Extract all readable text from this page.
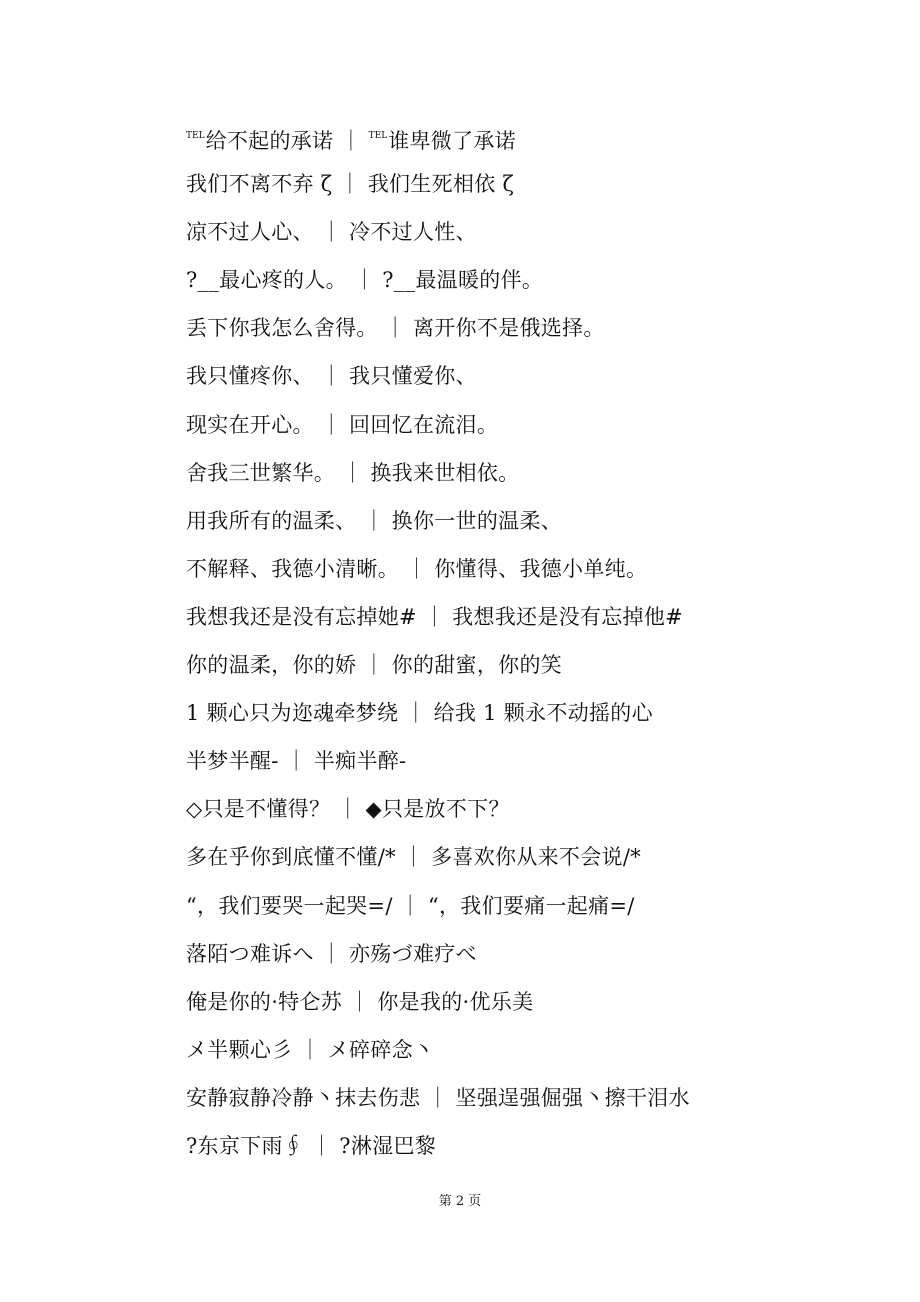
$^{TEL}$给不起的承诺 ｜ $^{TEL}$谁卑微了承诺
我们不离不弃 ζ ｜ 我们生死相依 ζ
凉不过人心、 ｜ 冷不过人性、
?__最心疼的人。 ｜ ?__最温暖的伴。
丢下你我怎么舍得。 ｜ 离开你不是俄选择。
我只懂疼你、 ｜ 我只懂爱你、
现实在开心。 ｜ 回回忆在流泪。
舍我三世繁华。 ｜ 换我来世相依。
用我所有的温柔、 ｜ 换你一世的温柔、
不解释、我德小清晰。 ｜ 你懂得、我德小单纯。
我想我还是没有忘掉她# ｜ 我想我还是没有忘掉他#
你的温柔，你的娇 ｜ 你的甜蜜，你的笑
1 颗心只为迩魂牵梦绕 ｜ 给我 1 颗永不动摇的心
半梦半醒- ｜ 半痴半醉-
◇只是不懂得？ ｜ ◆只是放不下？
多在乎你到底懂不懂/* ｜ 多喜欢你从来不会说/*
“，我们要哭一起哭=/ ｜ “，我们要痛一起痛=/
落陌つ难诉へ ｜ 亦殇づ难疗べ
俺是你的·特仑苏 ｜ 你是我的·优乐美
メ半颗心彡 ｜ メ碎碎念丶
安静寂静冷静丶抹去伤悲 ｜ 坚强逞强倔强丶擦干泪水
?东京下雨∮ ｜ ?淋湿巴黎
第 2 页
